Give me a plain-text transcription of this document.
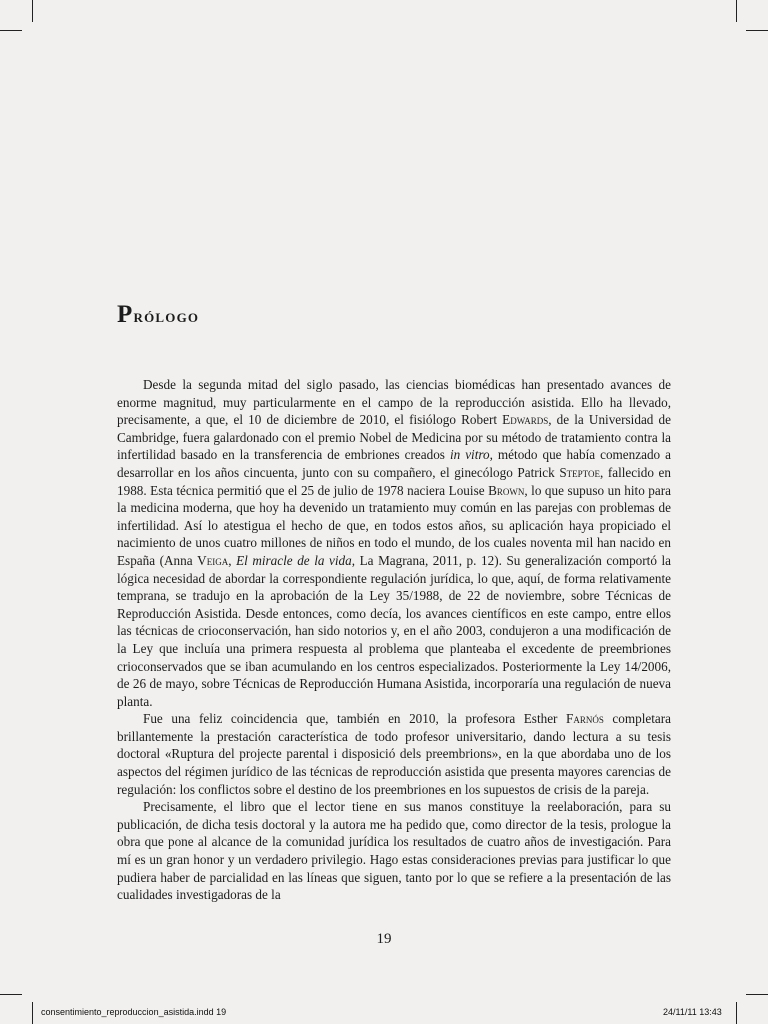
Prólogo

Desde la segunda mitad del siglo pasado, las ciencias biomédicas han presentado avances de enorme magnitud, muy particularmente en el campo de la reproducción asistida. Ello ha llevado, precisamente, a que, el 10 de diciembre de 2010, el fisiólogo Robert Edwards, de la Universidad de Cambridge, fuera galardonado con el premio Nobel de Medicina por su método de tratamiento contra la infertilidad basado en la transferencia de embriones creados in vitro, método que había comenzado a desarrollar en los años cincuenta, junto con su compañero, el ginecólogo Patrick Steptoe, fallecido en 1988. Esta técnica permitió que el 25 de julio de 1978 naciera Louise Brown, lo que supuso un hito para la medicina moderna, que hoy ha devenido un tratamiento muy común en las parejas con problemas de infertilidad. Así lo atestigua el hecho de que, en todos estos años, su aplicación haya propiciado el nacimiento de unos cuatro millones de niños en todo el mundo, de los cuales noventa mil han nacido en España (Anna Veiga, El miracle de la vida, La Magrana, 2011, p. 12). Su generalización comportó la lógica necesidad de abordar la correspondiente regulación jurídica, lo que, aquí, de forma relativamente temprana, se tradujo en la aprobación de la Ley 35/1988, de 22 de noviembre, sobre Técnicas de Reproducción Asistida. Desde entonces, como decía, los avances científicos en este campo, entre ellos las técnicas de crioconservación, han sido notorios y, en el año 2003, condujeron a una modificación de la Ley que incluía una primera respuesta al problema que planteaba el excedente de preembriones crioconservados que se iban acumulando en los centros especializados. Posteriormente la Ley 14/2006, de 26 de mayo, sobre Técnicas de Reproducción Humana Asistida, incorporaría una regulación de nueva planta.

Fue una feliz coincidencia que, también en 2010, la profesora Esther Farnós completara brillantemente la prestación característica de todo profesor universitario, dando lectura a su tesis doctoral «Ruptura del projecte parental i disposició dels preembrions», en la que abordaba uno de los aspectos del régimen jurídico de las técnicas de reproducción asistida que presenta mayores carencias de regulación: los conflictos sobre el destino de los preembriones en los supuestos de crisis de la pareja.

Precisamente, el libro que el lector tiene en sus manos constituye la reelaboración, para su publicación, de dicha tesis doctoral y la autora me ha pedido que, como director de la tesis, prologue la obra que pone al alcance de la comunidad jurídica los resultados de cuatro años de investigación. Para mí es un gran honor y un verdadero privilegio. Hago estas consideraciones previas para justificar lo que pudiera haber de parcialidad en las líneas que siguen, tanto por lo que se refiere a la presentación de las cualidades investigadoras de la

19
consentimiento_reproduccion_asistida.indd 19	24/11/11 13:43
